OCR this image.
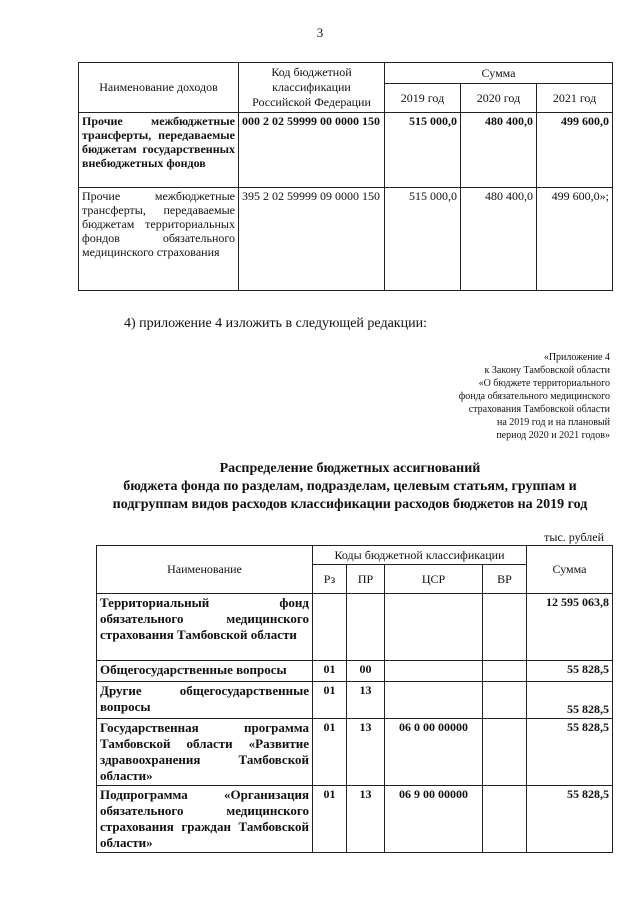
3
Наименование доходов	Код бюджетной классификации Российской Федерации	Сумма		
		2019 год	2020 год	2021 год
Прочие межбюджетные трансферты, передаваемые бюджетам государственных внебюджетных фондов	000 2 02 59999 00 0000 150	515 000,0	480 400,0	499 600,0
Прочие межбюджетные трансферты, передаваемые бюджетам территориальных фондов обязательного медицинского страхования	395 2 02 59999 09 0000 150	515 000,0	480 400,0	499 600,0»;
4) приложение 4 изложить в следующей редакции:
«Приложение 4
к Закону Тамбовской области
«О бюджете территориального
фонда обязательного медицинского
страхования Тамбовской области
на 2019 год и на плановый
период 2020 и 2021 годов»
Распределение бюджетных ассигнований
бюджета фонда по разделам, подразделам, целевым статьям, группам и
подгруппам видов расходов классификации расходов бюджетов на 2019 год
тыс. рублей
Наименование	Коды бюджетной классификации				Сумма
	Рз	ПР	ЦСР	ВР	
Территориальный фонд обязательного медицинского страхования Тамбовской области					12 595 063,8
Общегосударственные вопросы	01	00			55 828,5
Другие общегосударственные вопросы	01	13			55 828,5
Государственная программа Тамбовской области «Развитие здравоохранения Тамбовской области»	01	13	06 0 00 00000		55 828,5
Подпрограмма «Организация обязательного медицинского страхования граждан Тамбовской области»	01	13	06 9 00 00000		55 828,5
